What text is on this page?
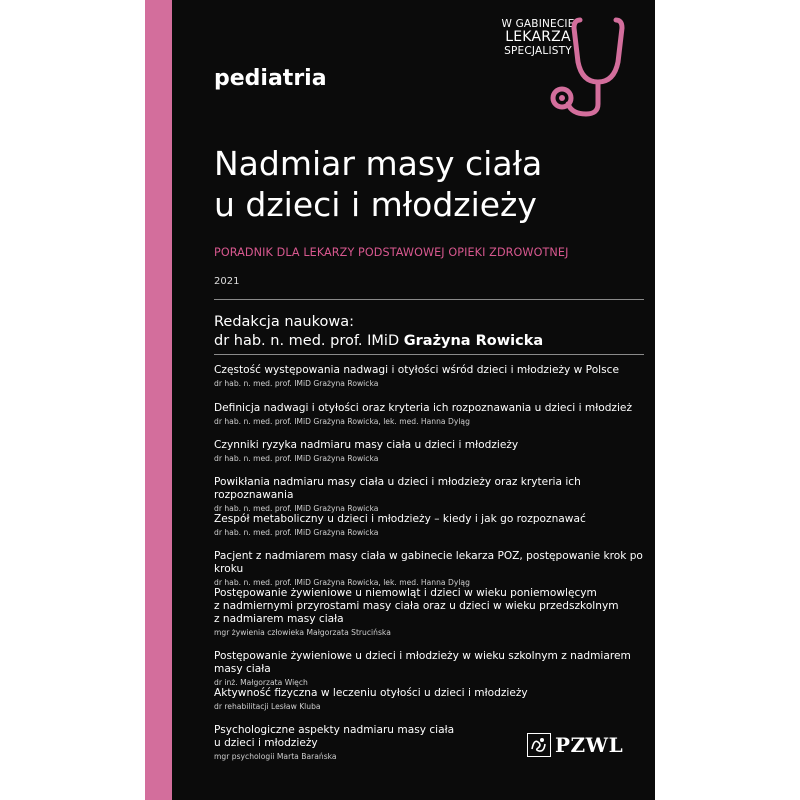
W GABINECIE
LEKARZA
SPECJALISTY
pediatria
Nadmiar masy ciała
u dzieci i młodzieży
PORADNIK DLA LEKARZY PODSTAWOWEJ OPIEKI ZDROWOTNEJ
2021
Redakcja naukowa:
dr hab. n. med. prof. IMiD Grażyna Rowicka
Częstość występowania nadwagi i otyłości wśród dzieci i młodzieży w Polsce
dr hab. n. med. prof. IMiD Grażyna Rowicka
Definicja nadwagi i otyłości oraz kryteria ich rozpoznawania u dzieci i młodzież
dr hab. n. med. prof. IMiD Grażyna Rowicka, lek. med. Hanna Dyląg
Czynniki ryzyka nadmiaru masy ciała u dzieci i młodzieży
dr hab. n. med. prof. IMiD Grażyna Rowicka
Powikłania nadmiaru masy ciała u dzieci i młodzieży oraz kryteria ich rozpoznawania
dr hab. n. med. prof. IMiD Grażyna Rowicka
Zespół metaboliczny u dzieci i młodzieży – kiedy i jak go rozpoznawać
dr hab. n. med. prof. IMiD Grażyna Rowicka
Pacjent z nadmiarem masy ciała w gabinecie lekarza POZ, postępowanie krok po kroku
dr hab. n. med. prof. IMiD Grażyna Rowicka, lek. med. Hanna Dyląg
Postępowanie żywieniowe u niemowląt i dzieci w wieku poniemowlęcym
z nadmiernymi przyrostami masy ciała oraz u dzieci w wieku przedszkolnym
z nadmiarem masy ciała
mgr żywienia człowieka Małgorzata Strucińska
Postępowanie żywieniowe u dzieci i młodzieży w wieku szkolnym z nadmiarem masy ciała
dr inż. Małgorzata Więch
Aktywność fizyczna w leczeniu otyłości u dzieci i młodzieży
dr rehabilitacji Lesław Kluba
Psychologiczne aspekty nadmiaru masy ciała
u dzieci i młodzieży
mgr psychologii Marta Barańska	PZWL
